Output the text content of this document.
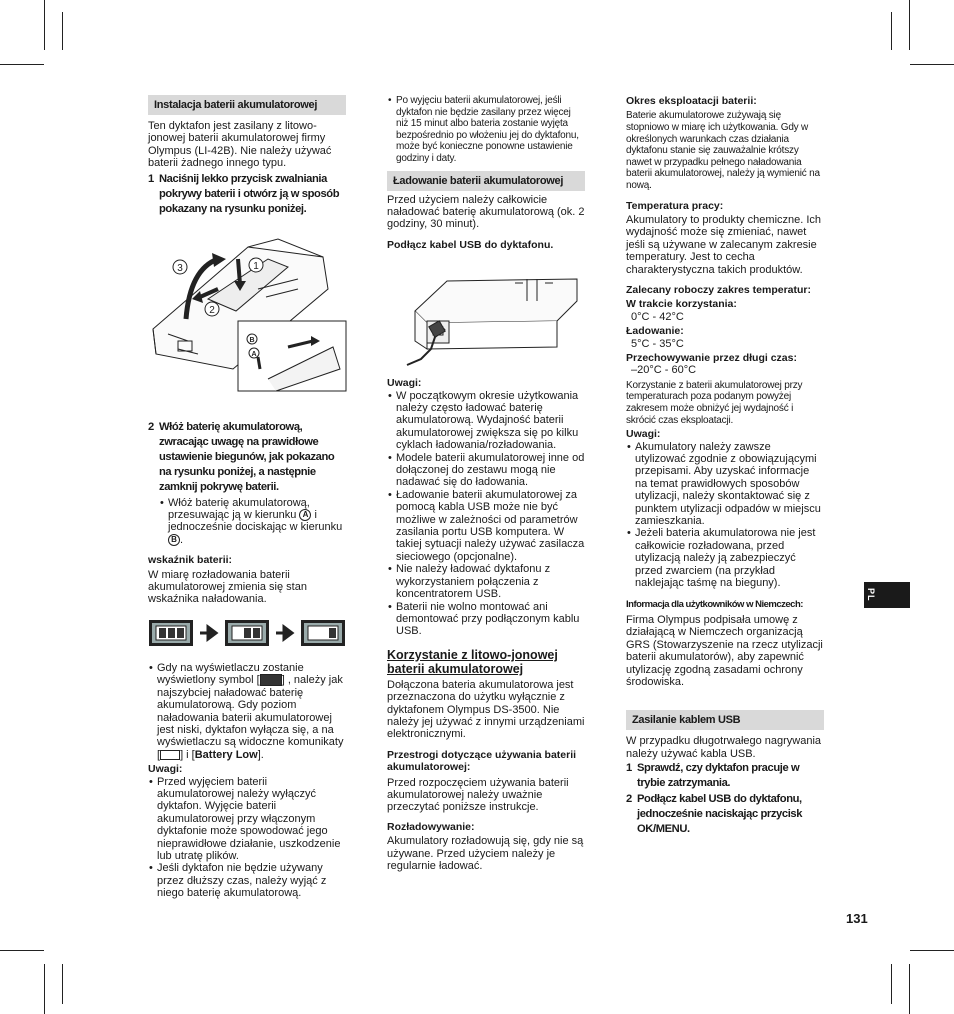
Instalacja baterii akumulatorowej

Ten dyktafon jest zasilany z litowo-jonowej baterii akumulatorowej firmy Olympus (LI-42B). Nie należy używać baterii żadnego innego typu.

1 Naciśnij lekko przycisk zwalniania pokrywy baterii i otwórz ją w sposób pokazany na rysunku poniżej.
1
2
3
B
A
2 Włóż baterię akumulatorową, zwracając uwagę na prawidłowe ustawienie biegunów, jak pokazano na rysunku poniżej, a następnie zamknij pokrywę baterii.
• Włóż baterię akumulatorową, przesuwając ją w kierunku A i jednocześnie dociskając w kierunku B .

wskaźnik baterii:

W miarę rozładowania baterii akumulatorowej zmienia się stan wskaźnika naładowania.

• Gdy na wyświetlaczu zostanie wyświetlony symbol [ ] , należy jak najszybciej naładować baterię akumulatorową. Gdy poziom naładowania baterii akumulatorowej jest niski, dyktafon wyłącza się, a na wyświetlaczu są widoczne komunikaty [ ] i [Battery Low].

Uwagi:

• Przed wyjęciem baterii akumulatorowej należy wyłączyć dyktafon. Wyjęcie baterii akumulatorowej przy włączonym dyktafonie może spowodować jego nieprawidłowe działanie, uszkodzenie lub utratę plików.
• Jeśli dyktafon nie będzie używany przez dłuższy czas, należy wyjąć z niego baterię akumulatorową.
• Po wyjęciu baterii akumulatorowej, jeśli dyktafon nie będzie zasilany przez więcej niż 15 minut albo bateria zostanie wyjęta bezpośrednio po włożeniu jej do dyktafonu, może być konieczne ponowne ustawienie godziny i daty.
Ładowanie baterii akumulatorowej

Przed użyciem należy całkowicie naładować baterię akumulatorową (ok. 2 godziny, 30 minut).

Podłącz kabel USB do dyktafonu.

Uwagi:

• W początkowym okresie użytkowania należy często ładować baterię akumulatorową. Wydajność baterii akumulatorowej zwiększa się po kilku cyklach ładowania/rozładowania.
• Modele baterii akumulatorowej inne od dołączonej do zestawu mogą nie nadawać się do ładowania.
• Ładowanie baterii akumulatorowej za pomocą kabla USB może nie być możliwe w zależności od parametrów zasilania portu USB komputera. W takiej sytuacji należy używać zasilacza sieciowego (opcjonalne).
• Nie należy ładować dyktafonu z wykorzystaniem połączenia z koncentratorem USB.
• Baterii nie wolno montować ani demontować przy podłączonym kablu USB.

Korzystanie z litowo-jonowej baterii akumulatorowej

Dołączona bateria akumulatorowa jest przeznaczona do użytku wyłącznie z dyktafonem Olympus DS-3500. Nie należy jej używać z innymi urządzeniami elektronicznymi.

Przestrogi dotyczące używania baterii akumulatorowej:

Przed rozpoczęciem używania baterii akumulatorowej należy uważnie przeczytać poniższe instrukcje.

Rozładowywanie:

Akumulatory rozładowują się, gdy nie są używane. Przed użyciem należy je regularnie ładować.

Okres eksploatacji baterii:

Baterie akumulatorowe zużywają się stopniowo w miarę ich użytkowania. Gdy w określonych warunkach czas działania dyktafonu stanie się zauważalnie krótszy nawet w przypadku pełnego naładowania baterii akumulatorowej, należy ją wymienić na nową.

Temperatura pracy:

Akumulatory to produkty chemiczne. Ich wydajność może się zmieniać, nawet jeśli są używane w zalecanym zakresie temperatury. Jest to cecha charakterystyczna takich produktów.

Zalecany roboczy zakres temperatur:

W trakcie korzystania:

0°C - 42°C

Ładowanie:

5°C - 35°C

Przechowywanie przez długi czas:

–20°C - 60°C

Korzystanie z baterii akumulatorowej przy temperaturach poza podanym powyżej zakresem może obniżyć jej wydajność i skrócić czas eksploatacji.

Uwagi:

• Akumulatory należy zawsze utylizować zgodnie z obowiązującymi przepisami. Aby uzyskać informacje na temat prawidłowych sposobów utylizacji, należy skontaktować się z punktem utylizacji odpadów w miejscu zamieszkania.
• Jeżeli bateria akumulatorowa nie jest całkowicie rozładowana, przed utylizacją należy ją zabezpieczyć przed zwarciem (na przykład naklejając taśmę na bieguny).

Informacja dla użytkowników w Niemczech:

Firma Olympus podpisała umowę z działającą w Niemczech organizacją GRS (Stowarzyszenie na rzecz utylizacji baterii akumulatorów), aby zapewnić utylizację zgodną zasadami ochrony środowiska.

Zasilanie kablem USB

W przypadku długotrwałego nagrywania należy używać kabla USB.

1 Sprawdź, czy dyktafon pracuje w trybie zatrzymania.
2 Podłącz kabel USB do dyktafonu, jednocześnie naciskając przycisk OK/MENU.
PL
131
